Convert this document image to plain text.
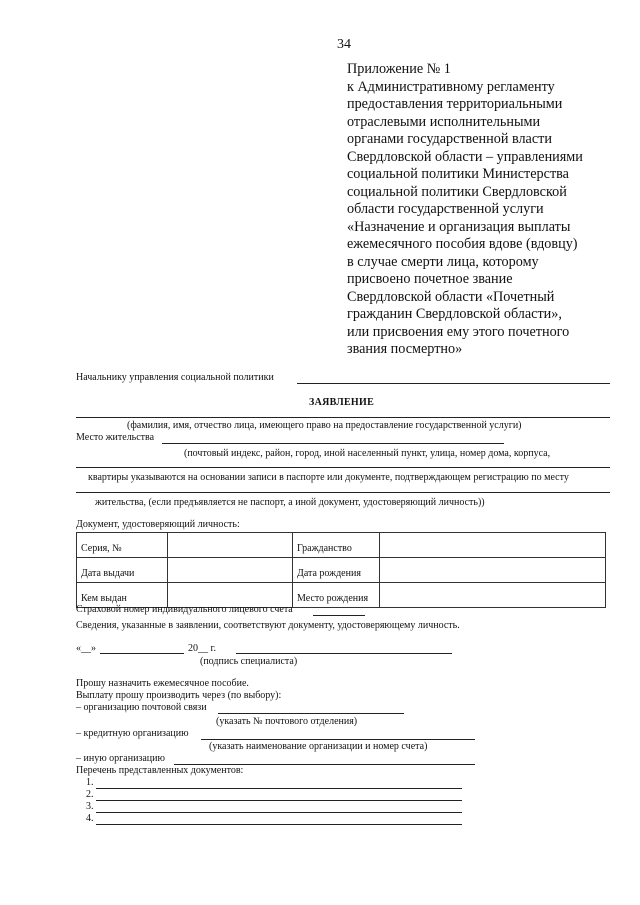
34
Приложение № 1
к Административному регламенту
предоставления территориальными
отраслевыми исполнительными
органами государственной власти
Свердловской области – управлениями
социальной политики Министерства
социальной политики Свердловской
области государственной услуги
«Назначение и организация выплаты
ежемесячного пособия вдове (вдовцу)
в случае смерти лица, которому
присвоено почетное звание
Свердловской области «Почетный
гражданин Свердловской области»,
или присвоения ему этого почетного
звания посмертно»
Начальнику управления социальной политики
ЗАЯВЛЕНИЕ
(фамилия, имя, отчество лица, имеющего право на предоставление государственной услуги)
Место жительства
(почтовый индекс, район, город, иной населенный пункт, улица, номер дома, корпуса,
квартиры указываются на основании записи в паспорте или документе, подтверждающем регистрацию по месту
жительства, (если предъявляется не паспорт, а иной документ, удостоверяющий личность))
Документ, удостоверяющий личность:
Серия, №		Гражданство	
Дата выдачи		Дата рождения	
Кем выдан		Место рождения	
Страховой номер индивидуального лицевого счета
Сведения, указанные в заявлении, соответствуют документу, удостоверяющему личность.
«__»	20__ г.
(подпись специалиста)
Прошу назначить ежемесячное пособие.
Выплату прошу производить через (по выбору):
– организацию почтовой связи
(указать № почтового отделения)
– кредитную организацию
(указать наименование организации и номер счета)
– иную организацию
Перечень представленных документов:
1.
2.
3.
4.
